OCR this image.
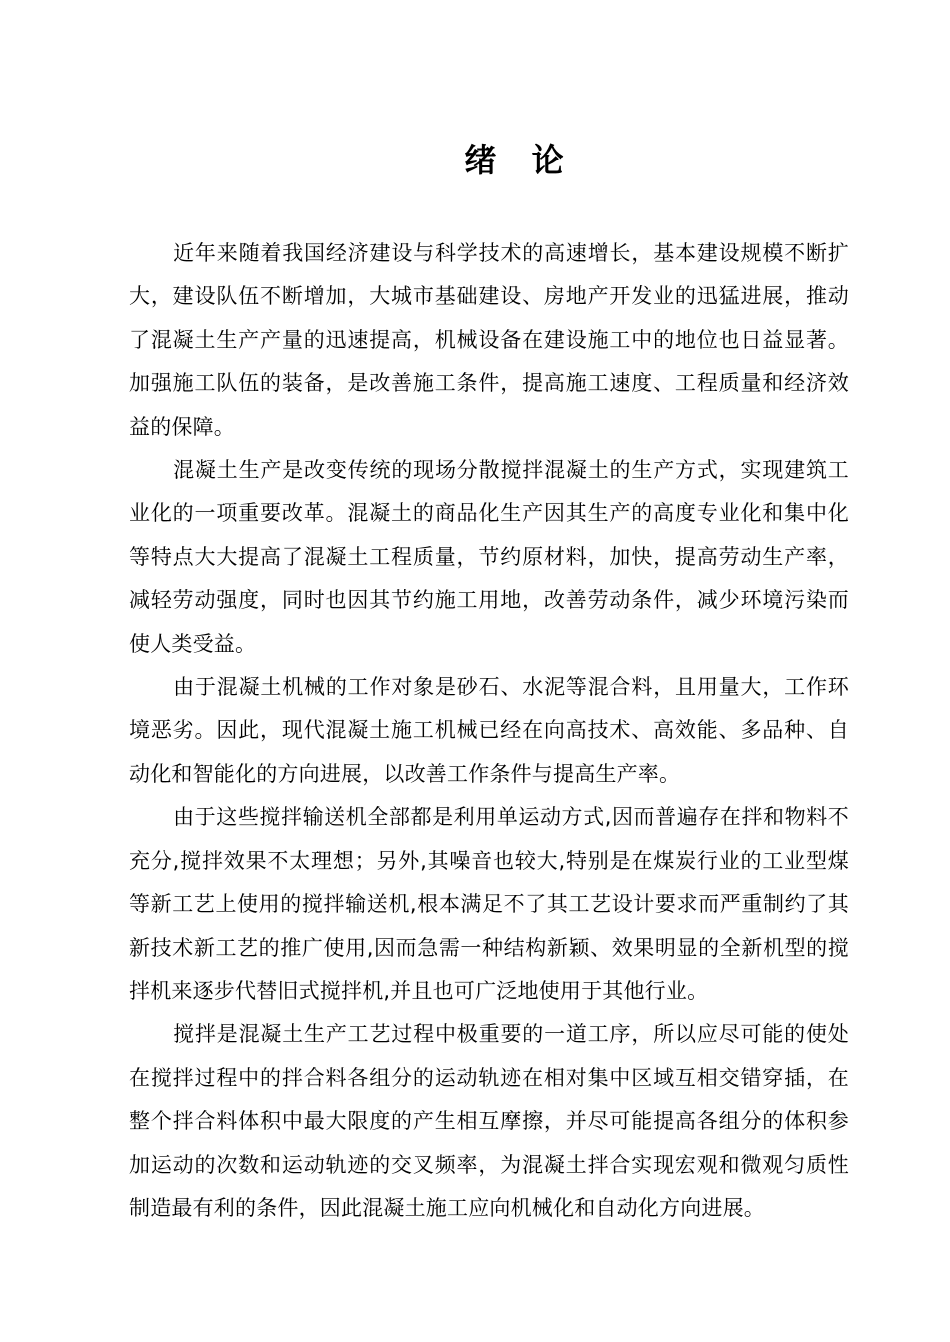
绪 论

近年来随着我国经济建设与科学技术的高速增长，基本建设规模不断扩大，建设队伍不断增加，大城市基础建设、房地产开发业的迅猛进展，推动了混凝土生产产量的迅速提高，机械设备在建设施工中的地位也日益显著。加强施工队伍的装备，是改善施工条件，提高施工速度、工程质量和经济效益的保障。

混凝土生产是改变传统的现场分散搅拌混凝土的生产方式，实现建筑工业化的一项重要改革。混凝土的商品化生产因其生产的高度专业化和集中化等特点大大提高了混凝土工程质量，节约原材料，加快，提高劳动生产率，减轻劳动强度，同时也因其节约施工用地，改善劳动条件，减少环境污染而使人类受益。

由于混凝土机械的工作对象是砂石、水泥等混合料，且用量大，工作环境恶劣。因此，现代混凝土施工机械已经在向高技术、高效能、多品种、自动化和智能化的方向进展，以改善工作条件与提高生产率。

由于这些搅拌输送机全部都是利用单运动方式,因而普遍存在拌和物料不充分,搅拌效果不太理想；另外,其噪音也较大,特别是在煤炭行业的工业型煤等新工艺上使用的搅拌输送机,根本满足不了其工艺设计要求而严重制约了其新技术新工艺的推广使用,因而急需一种结构新颖、效果明显的全新机型的搅拌机来逐步代替旧式搅拌机,并且也可广泛地使用于其他行业。

搅拌是混凝土生产工艺过程中极重要的一道工序，所以应尽可能的使处在搅拌过程中的拌合料各组分的运动轨迹在相对集中区域互相交错穿插，在整个拌合料体积中最大限度的产生相互摩擦，并尽可能提高各组分的体积参加运动的次数和运动轨迹的交叉频率，为混凝土拌合实现宏观和微观匀质性制造最有利的条件，因此混凝土施工应向机械化和自动化方向进展。
